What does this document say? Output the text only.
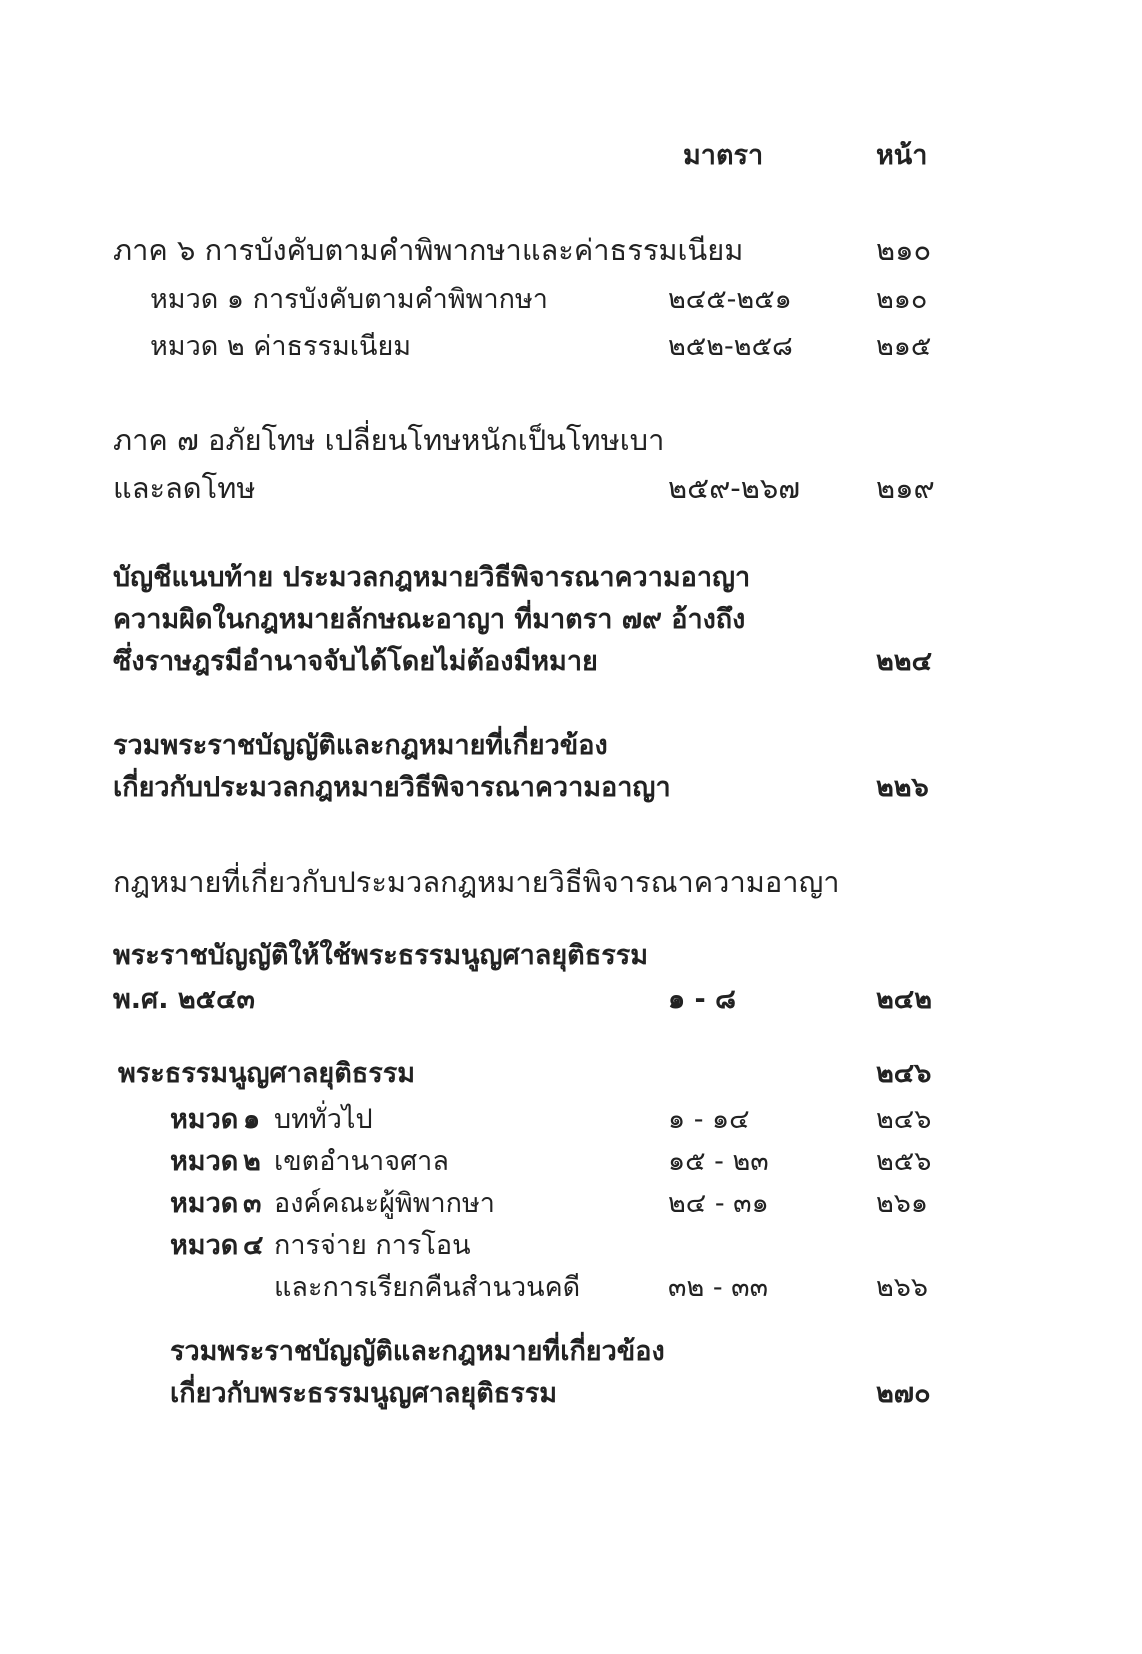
มาตรา	หน้า
ภาค ๖ การบังคับตามคำพิพากษาและค่าธรรมเนียม	๒๑๐
หมวด ๑ การบังคับตามคำพิพากษา	๒๔๕-๒๕๑	๒๑๐
หมวด ๒ ค่าธรรมเนียม	๒๕๒-๒๕๘	๒๑๕
ภาค ๗ อภัยโทษ เปลี่ยนโทษหนักเป็นโทษเบา
และลดโทษ	๒๕๙-๒๖๗	๒๑๙
บัญชีแนบท้าย ประมวลกฎหมายวิธีพิจารณาความอาญา
ความผิดในกฎหมายลักษณะอาญา ที่มาตรา ๗๙ อ้างถึง
ซึ่งราษฎรมีอำนาจจับได้โดยไม่ต้องมีหมาย	๒๒๔
รวมพระราชบัญญัติและกฎหมายที่เกี่ยวข้อง
เกี่ยวกับประมวลกฎหมายวิธีพิจารณาความอาญา	๒๒๖
กฎหมายที่เกี่ยวกับประมวลกฎหมายวิธีพิจารณาความอาญา
พระราชบัญญัติให้ใช้พระธรรมนูญศาลยุติธรรม
พ.ศ. ๒๕๔๓	๑ - ๘	๒๔๒
พระธรรมนูญศาลยุติธรรม	๒๔๖
หมวด ๑ บททั่วไป	๑ - ๑๔	๒๔๖
หมวด ๒ เขตอำนาจศาล	๑๕ - ๒๓	๒๕๖
หมวด ๓ องค์คณะผู้พิพากษา	๒๔ - ๓๑	๒๖๑
หมวด ๔ การจ่าย การโอน
และการเรียกคืนสำนวนคดี	๓๒ - ๓๓	๒๖๖
รวมพระราชบัญญัติและกฎหมายที่เกี่ยวข้อง
เกี่ยวกับพระธรรมนูญศาลยุติธรรม	๒๗๐
